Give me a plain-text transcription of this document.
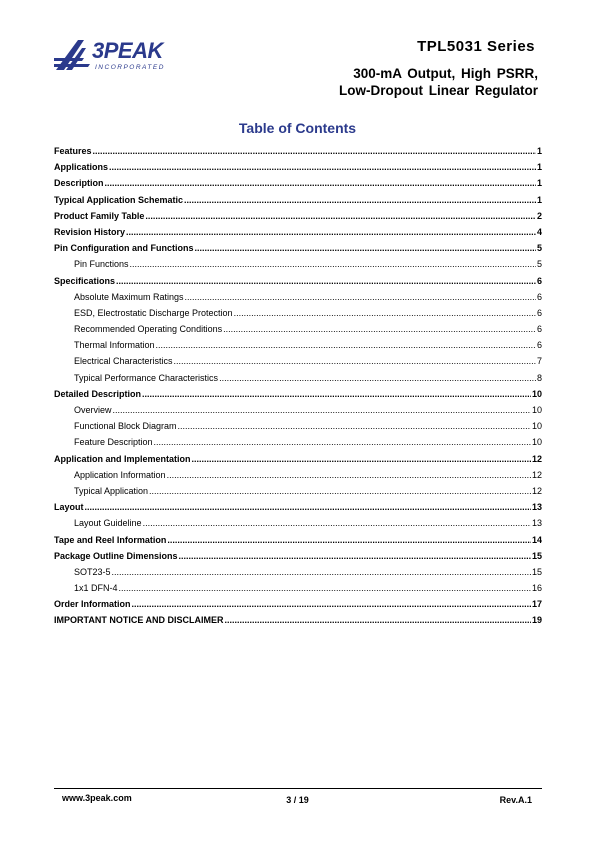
3PEAK
INCORPORATED
TPL5031 Series
300-mA Output, High PSRR,
Low-Dropout Linear Regulator
Table of Contents
Features .....	1
Applications .....	1
Description .....	1
Typical Application Schematic .....	1
Product Family Table .....	2
Revision History .....	4
Pin Configuration and Functions .....	5
Pin Functions .....	5
Specifications .....	6
Absolute Maximum Ratings .....	6
ESD, Electrostatic Discharge Protection .....	6
Recommended Operating Conditions .....	6
Thermal Information .....	6
Electrical Characteristics .....	7
Typical Performance Characteristics .....	8
Detailed Description .....	10
Overview .....	10
Functional Block Diagram .....	10
Feature Description .....	10
Application and Implementation .....	12
Application Information .....	12
Typical Application .....	12
Layout .....	13
Layout Guideline .....	13
Tape and Reel Information .....	14
Package Outline Dimensions .....	15
SOT23-5 .....	15
1x1 DFN-4 .....	16
Order Information .....	17
IMPORTANT NOTICE AND DISCLAIMER .....	19
www.3peak.com	3 / 19	Rev.A.1
